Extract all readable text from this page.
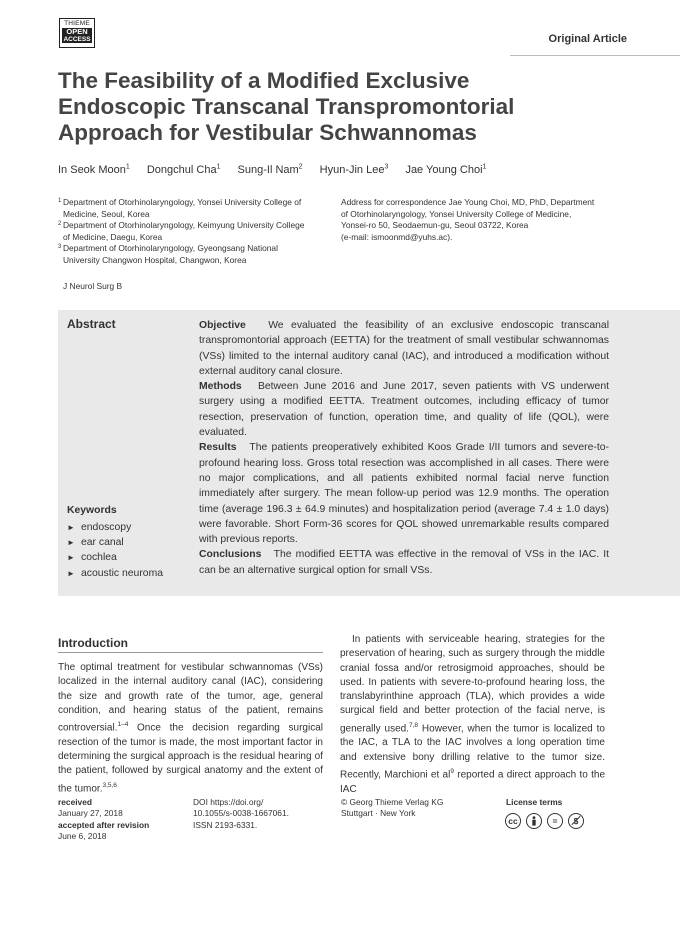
THIEME
OPEN
ACCESS	Original Article
The Feasibility of a Modified Exclusive
Endoscopic Transcanal Transpromontorial
Approach for Vestibular Schwannomas
In Seok Moon$^1$ Dongchul Cha$^1$ Sung-Il Nam$^2$ Hyun-Jin Lee$^3$ Jae Young Choi$^1$
1 Department of Otorhinolaryngology, Yonsei University College of
Medicine, Seoul, Korea
2 Department of Otorhinolaryngology, Keimyung University College
of Medicine, Daegu, Korea
3 Department of Otorhinolaryngology, Gyeongsang National
University Changwon Hospital, Changwon, Korea
Address for correspondence Jae Young Choi, MD, PhD, Department
of Otorhinolaryngology, Yonsei University College of Medicine,
Yonsei-ro 50, Seodaemun-gu, Seoul 03722, Korea
(e-mail: ismoonmd@yuhs.ac).
J Neurol Surg B
Abstract	Objective We evaluated the feasibility of an exclusive endoscopic transcanal transpromontorial approach (EETTA) for the treatment of small vestibular schwannomas (VSs) limited to the internal auditory canal (IAC), and introduced a modification without external auditory canal closure.

Methods Between June 2016 and June 2017, seven patients with VS underwent surgery using a modified EETTA. Treatment outcomes, including efficacy of tumor resection, preservation of function, operation time, and quality of life (QOL), were evaluated.

Results The patients preoperatively exhibited Koos Grade I/II tumors and severe-to-profound hearing loss. Gross total resection was accomplished in all cases. There were no major complications, and all patients exhibited normal facial nerve function immediately after surgery. The mean follow-up period was 12.9 months. The operation time (average 196.3 ± 64.9 minutes) and hospitalization period (average 7.4 ± 1.0 days) were favorable. Short Form-36 scores for QOL showed unremarkable results compared with previous reports.

Conclusions The modified EETTA was effective in the removal of VSs in the IAC. It can be an alternative surgical option for small VSs.

Keywords
► endoscopy
► ear canal
► cochlea
► acoustic neuroma
Introduction

The optimal treatment for vestibular schwannomas (VSs) localized in the internal auditory canal (IAC), considering the size and growth rate of the tumor, age, general condition, and hearing status of the patient, remains controversial.$^{1-4}$ Once the decision regarding surgical resection of the tumor is made, the most important factor in determining the surgical approach is the residual hearing of the patient, followed by surgical anatomy and the extent of the tumor.$^{3,5,6}$

In patients with serviceable hearing, strategies for the preservation of hearing, such as surgery through the middle cranial fossa and/or retrosigmoid approaches, should be used. In patients with severe-to-profound hearing loss, the translabyrinthine approach (TLA), which provides a wide surgical field and better protection of the facial nerve, is generally used.$^{7,8}$ However, when the tumor is localized to the IAC, a TLA to the IAC involves a long operation time and extensive bony drilling relative to the tumor size. Recently, Marchioni et $al^9$ reported a direct approach to the IAC

received
January 27, 2018
accepted after revision
June 6, 2018
DOI https://doi.org/
10.1055/s-0038-1667061.
ISSN 2193-6331.
© Georg Thieme Verlag KG
Stuttgart · New York
License terms
cc	=	$
